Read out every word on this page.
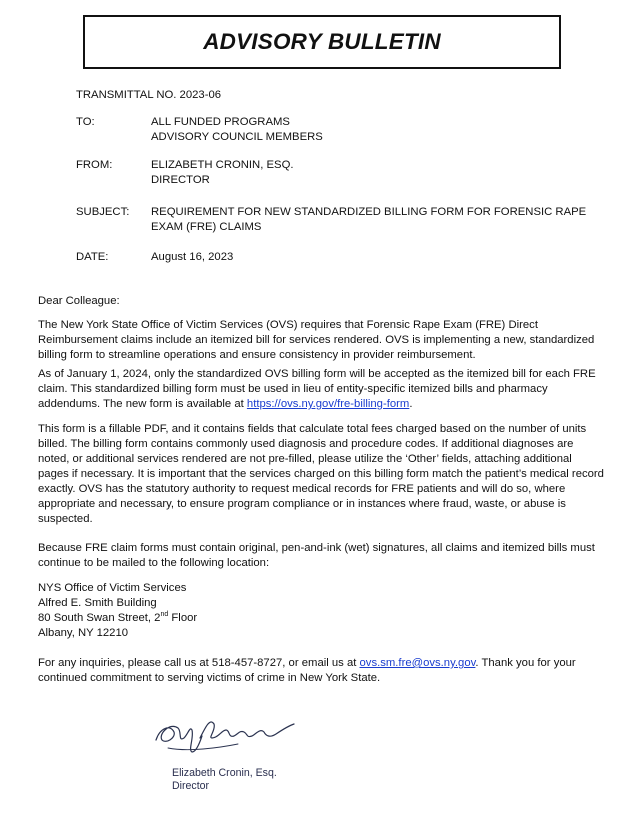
ADVISORY BULLETIN
TRANSMITTAL NO. 2023-06
TO:	ALL FUNDED PROGRAMS
ADVISORY COUNCIL MEMBERS
FROM:	ELIZABETH CRONIN, ESQ.
DIRECTOR
SUBJECT:	REQUIREMENT FOR NEW STANDARDIZED BILLING FORM FOR FORENSIC RAPE
EXAM (FRE) CLAIMS
DATE:	August 16, 2023
Dear Colleague:

The New York State Office of Victim Services (OVS) requires that Forensic Rape Exam (FRE) Direct Reimbursement claims include an itemized bill for services rendered. OVS is implementing a new, standardized billing form to streamline operations and ensure consistency in provider reimbursement.

As of January 1, 2024, only the standardized OVS billing form will be accepted as the itemized bill for each FRE claim. This standardized billing form must be used in lieu of entity-specific itemized bills and pharmacy addendums. The new form is available at https://ovs.ny.gov/fre-billing-form.

This form is a fillable PDF, and it contains fields that calculate total fees charged based on the number of units billed. The billing form contains commonly used diagnosis and procedure codes. If additional diagnoses are noted, or additional services rendered are not pre-filled, please utilize the ‘Other’ fields, attaching additional pages if necessary. It is important that the services charged on this billing form match the patient’s medical record exactly. OVS has the statutory authority to request medical records for FRE patients and will do so, where appropriate and necessary, to ensure program compliance or in instances where fraud, waste, or abuse is suspected.

Because FRE claim forms must contain original, pen-and-ink (wet) signatures, all claims and itemized bills must continue to be mailed to the following location:

NYS Office of Victim Services
Alfred E. Smith Building
80 South Swan Street, 2nd Floor
Albany, NY 12210

For any inquiries, please call us at 518-457-8727, or email us at ovs.sm.fre@ovs.ny.gov. Thank you for your continued commitment to serving victims of crime in New York State.

Elizabeth Cronin, Esq.
Director
